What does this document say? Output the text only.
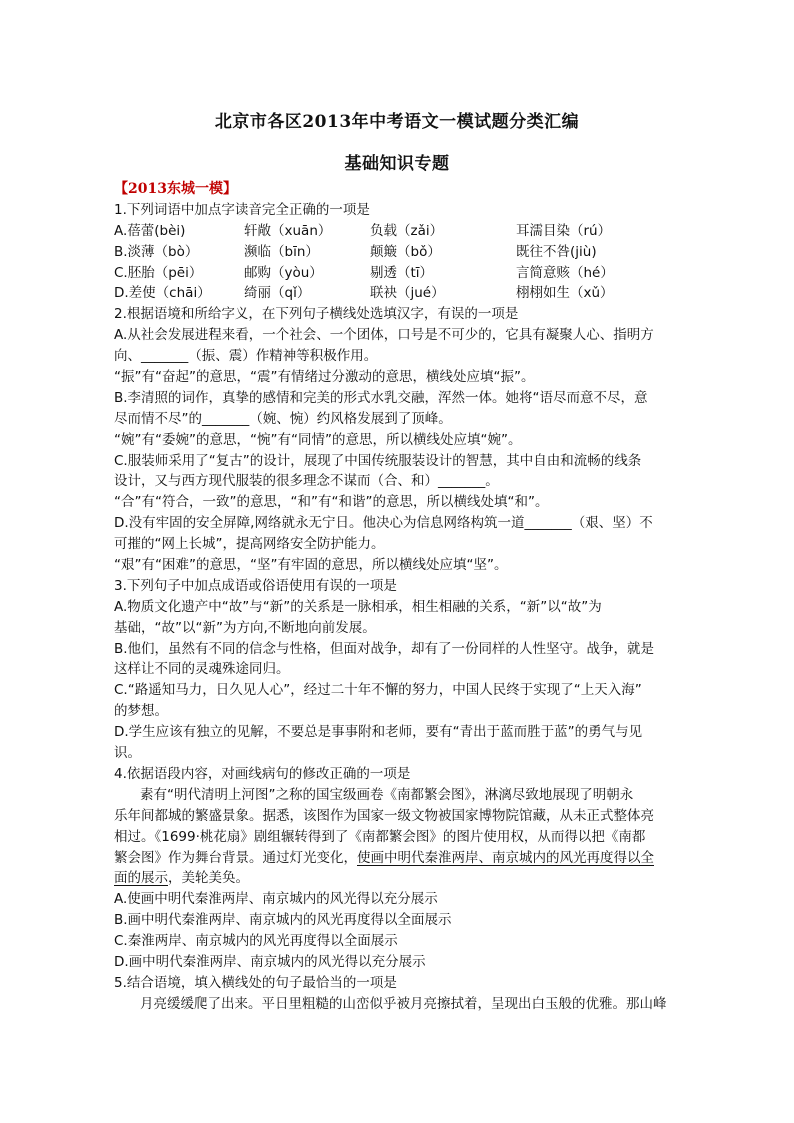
北京市各区2013年中考语文一模试题分类汇编
基础知识专题
【2013东城一模】
1.下列词语中加点字读音完全正确的一项是
A.蓓蕾(bèi)	轩敞（xuān）	负载（zǎi）	耳濡目染（rú）
B.淡薄（bò）	濒临（bīn）	颠簸（bǒ）	既往不咎(jiù)
C.胚胎（pēi）	邮购（yòu）	剔透（tī）	言简意赅（hé）
D.差使（chāi）	绮丽（qǐ）	联袂（jué）	栩栩如生（xǔ）
2.根据语境和所给字义，在下列句子横线处选填汉字，有误的一项是
A.从社会发展进程来看，一个社会、一个团体，口号是不可少的，它具有凝聚人心、指明方
向、_______（振、震）作精神等积极作用。
“振”有“奋起”的意思，“震”有情绪过分激动的意思，横线处应填“振”。
B.李清照的词作，真挚的感情和完美的形式水乳交融，浑然一体。她将“语尽而意不尽，意
尽而情不尽”的_______（婉、惋）约风格发展到了顶峰。
“婉”有“委婉”的意思，“惋”有“同情”的意思，所以横线处应填“婉”。
C.服装师采用了“复古”的设计，展现了中国传统服装设计的智慧，其中自由和流畅的线条
设计，又与西方现代服装的很多理念不谋而（合、和）_______。
“合”有“符合，一致”的意思，“和”有“和谐”的意思，所以横线处填“和”。
D.没有牢固的安全屏障,网络就永无宁日。他决心为信息网络构筑一道_______（艰、坚）不
可摧的“网上长城”，提高网络安全防护能力。
“艰”有“困难”的意思，“坚”有牢固的意思，所以横线处应填“坚”。
3.下列句子中加点成语或俗语使用有误的一项是
A.物质文化遗产中“故”与“新”的关系是一脉相承，相生相融的关系，“新”以“故”为
基础，“故”以“新”为方向,不断地向前发展。
B.他们，虽然有不同的信念与性格，但面对战争，却有了一份同样的人性坚守。战争，就是
这样让不同的灵魂殊途同归。
C.“路遥知马力，日久见人心”，经过二十年不懈的努力，中国人民终于实现了“上天入海”
的梦想。
D.学生应该有独立的见解，不要总是事事附和老师，要有“青出于蓝而胜于蓝”的勇气与见
识。
4.依据语段内容，对画线病句的修改正确的一项是
素有“明代清明上河图”之称的国宝级画卷《南都繁会图》，淋漓尽致地展现了明朝永
乐年间都城的繁盛景象。据悉，该图作为国家一级文物被国家博物院馆藏，从未正式整体亮
相过。《1699·桃花扇》剧组辗转得到了《南都繁会图》的图片使用权，从而得以把《南都
繁会图》作为舞台背景。通过灯光变化，使画中明代秦淮两岸、南京城内的风光再度得以全
面的展示，美轮美奂。
A.使画中明代秦淮两岸、南京城内的风光得以充分展示
B.画中明代秦淮两岸、南京城内的风光再度得以全面展示
C.秦淮两岸、南京城内的风光再度得以全面展示
D.画中明代秦淮两岸、南京城内的风光得以充分展示
5.结合语境，填入横线处的句子最恰当的一项是
月亮缓缓爬了出来。平日里粗糙的山峦似乎被月亮擦拭着，呈现出白玉般的优雅。那山峰
